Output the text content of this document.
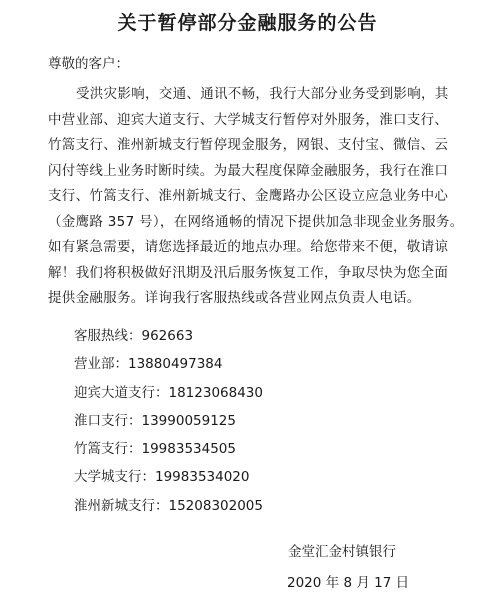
关于暂停部分金融服务的公告
尊敬的客户：
受洪灾影响，交通、通讯不畅，我行大部分业务受到影响，其
中营业部、迎宾大道支行、大学城支行暂停对外服务，淮口支行、
竹篙支行、淮州新城支行暂停现金服务，网银、支付宝、微信、云
闪付等线上业务时断时续。为最大程度保障金融服务，我行在淮口
支行、竹篙支行、淮州新城支行、金鹰路办公区设立应急业务中心
（金鹰路 357 号），在网络通畅的情况下提供加急非现金业务服务。
如有紧急需要，请您选择最近的地点办理。给您带来不便，敬请谅
解！我们将积极做好汛期及汛后服务恢复工作，争取尽快为您全面
提供金融服务。详询我行客服热线或各营业网点负责人电话。
客服热线：962663
营业部：13880497384
迎宾大道支行：18123068430
淮口支行：13990059125
竹篙支行：19983534505
大学城支行：19983534020
淮州新城支行：15208302005
金堂汇金村镇银行
2020 年 8 月 17 日
